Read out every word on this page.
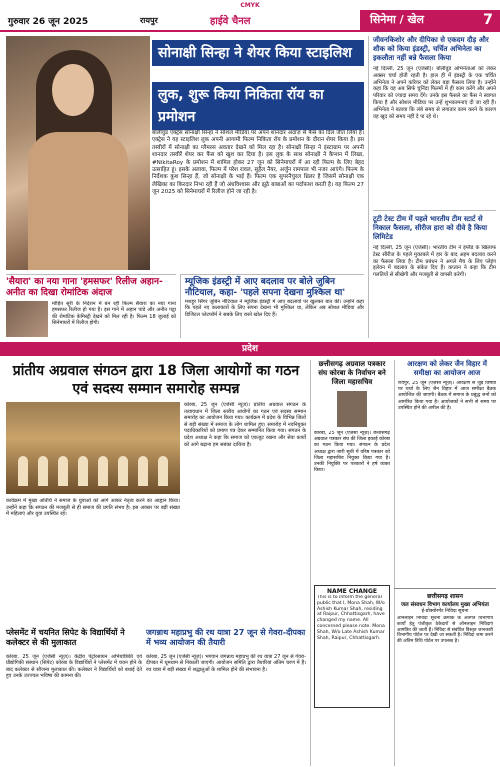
CMYK
गुरुवार 26 जून 2025	रायपुर	हाईवे चैनल	सिनेमा / खेल	7
सोनाक्षी सिन्हा ने शेयर किया स्टाइलिश
लुक, शुरू किया निकिता रॉय का प्रमोशन
बॉलीवुड एक्ट्रेस सोनाक्षी सिन्हा ने सोशल मीडिया पर अपने शानदार अंदाज़ से फैंस का दिल जीत लिया है। एक्ट्रेस ने यह स्टाइलिश लुक अपनी आगामी फिल्म निकिता रॉय के प्रमोशन के दौरान शेयर किया है। इस तस्वीरों में सोनाक्षी का ग्लैमरस अवतार देखने को मिल रहा है। सोनाक्षी सिन्हा ने इंस्टाग्राम पर अपनी शानदार तस्वीरें शेयर कर फैंस को खुश कर दिया है। इस लुक के साथ सोनाक्षी ने कैप्शन में लिखा, #NikitaRoy के प्रमोशन में शामिल होकर 27 जून को सिनेमाघरों में आ रही फिल्म के लिए बेहद उत्साहित हूं। इसके अलावा, फिल्म में परेश रावल, सुहैल नैयर, अर्जुन रामपाल भी नजर आएंगे। फिल्म के निर्देशक कुश सिन्हा हैं, जो सोनाक्षी के भाई हैं। फिल्म एक सुपरनैचुरल थ्रिलर है जिसमें सोनाक्षी एक लेखिका का किरदार निभा रही हैं जो अंधविश्वास और झूठे बाबाओं का पर्दाफाश करती है। यह फिल्म 27 जून 2025 को सिनेमाघरों में रिलीज होने जा रही है।
जीवनकिशोर और दीपिका से एकदम दौड़ और शौक को किया इंडस्ट्री, चर्चित अभिनेता का इकलौता नहीं बन्ने फैसला किया
नई दिल्ली, 25 जून (एजेंसी)। बॉलीवुड अभिनेताओं को लेकर अक्सर चर्चा होती रहती है। हाल ही में इंडस्ट्री के एक चर्चित अभिनेता ने अपने करियर को लेकर बड़ा फैसला लिया है। उन्होंने कहा कि वह अब सिर्फ चुनिंदा फिल्मों में ही काम करेंगे और अपने परिवार को ज्यादा समय देंगे। उनके इस फैसले का फैंस ने स्वागत किया है और सोशल मीडिया पर उन्हें शुभकामनाएं दी जा रही हैं। अभिनेता ने बताया कि लंबे समय से लगातार काम करने के कारण वह खुद को समय नहीं दे पा रहे थे।
टूटी टेस्ट टीम में पहले भारतीय टीम स्टार्ट से निकाल फैसला, सीरीज हारा को दीवे है किया लिमिटेड
नई दिल्ली, 25 जून (एजेंसी)। भारतीय टीम ने इंग्लैंड के खिलाफ टेस्ट सीरीज के पहले मुकाबले में हार के बाद अहम बदलाव करने का फैसला लिया है। टीम प्रबंधन ने अगले मैच के लिए प्लेइंग इलेवन में बदलाव के संकेत दिए हैं। कप्तान ने कहा कि टीम गलतियों से सीखेगी और मजबूती से वापसी करेगी।
'सैयारा' का नया गाना 'हमसफर' रिलीज अहान-अनीत का दिखा रोमांटिक अंदाज
मोहित सूरी के निर्देशन में बन रही फिल्म सैयारा का नया गाना हमसफर रिलीज हो गया है। इस गाने में अहान पांडे और अनीत पड्डा की रोमांटिक केमिस्ट्री देखने को मिल रही है। फिल्म 18 जुलाई को सिनेमाघरों में रिलीज होगी।
म्यूजिक इंडस्ट्री में आए बदलाव पर बोले जुबिन नौटियाल, कहा- 'पहले सपना देखना मुश्किल था'
मशहूर सिंगर जुबिन नौटियाल ने म्यूजिक इंडस्ट्री में आए बदलावों पर खुलकर बात की। उन्होंने कहा कि पहले नए कलाकारों के लिए सपना देखना भी मुश्किल था, लेकिन अब सोशल मीडिया और डिजिटल प्लेटफॉर्म ने सबके लिए रास्ते खोल दिए हैं।
प्रदेश
प्रांतीय अग्रवाल संगठन द्वारा 18 जिला आयोगों का गठन एवं सदस्य सम्मान समारोह सम्पन्न
कोरबा, 25 जून (एजेंसी न्यूज़)। प्रांतीय अग्रवाल संगठन के तत्वावधान में जिला स्तरीय आयोगों का गठन एवं सदस्य सम्मान समारोह का आयोजन किया गया। कार्यक्रम में प्रदेश के विभिन्न जिलों से बड़ी संख्या में समाज के लोग शामिल हुए। समारोह में नवनियुक्त पदाधिकारियों को प्रमाण पत्र देकर सम्मानित किया गया। संगठन के प्रदेश अध्यक्ष ने कहा कि समाज को एकजुट रखना और सेवा कार्यों को आगे बढ़ाना हम सबका दायित्व है।
कार्यक्रम में मुख्य अतिथि ने समाज के युवाओं को आगे आकर नेतृत्व करने का आह्वान किया। उन्होंने कहा कि संगठन की मजबूती से ही समाज की प्रगति संभव है। इस अवसर पर बड़ी संख्या में महिलाएं और युवा उपस्थित रहे।
छत्तीसगढ़ अग्रवाल पत्रकार संघ कोरबा के निर्वाचन बने जिला महासचिव
कोरबा, 25 जून (एजेंसी न्यूज़)। छत्तीसगढ़ अग्रवाल पत्रकार संघ की जिला इकाई कोरबा का गठन किया गया। संगठन के प्रदेश अध्यक्ष द्वारा जारी सूची में वरिष्ठ पत्रकार को जिला महासचिव नियुक्त किया गया है। उनकी नियुक्ति पर पत्रकारों ने हर्ष व्यक्त किया।
NAME CHANGE
This is to inform the general public that I, Mona Shah, W/o Ashish Kumar Shah, residing at Raipur, Chhattisgarh, have changed my name. All concerned please note. Mona Shah, W/o Late Ashish Kumar Shah, Raipur, Chhattisgarh.
आरक्षण को लेकर जैन विहार में समीक्षा का आयोजन आज
रायपुर, 25 जून (एजेंसी न्यूज़)। आरक्षण से जुड़े विषयों पर चर्चा के लिए जैन विहार में आज समीक्षा बैठक आयोजित की जाएगी। बैठक में समाज के प्रबुद्ध जनों को आमंत्रित किया गया है। आयोजकों ने सभी से समय पर उपस्थित होने की अपील की है।
छत्तीसगढ़ शासन
जल संसाधन विभाग कार्यालय मुख्य अभियंता
ई-प्रोक्योरमेंट निविदा सूचना
ऑनलाइन निविदा सूचना क्रमांक के अंतर्गत विभागीय कार्यों हेतु पंजीकृत ठेकेदारों से ऑनलाइन निविदाएं आमंत्रित की जाती हैं। निविदा से संबंधित विस्तृत जानकारी विभागीय पोर्टल पर देखी जा सकती है। निविदा जमा करने की अंतिम तिथि पोर्टल पर उपलब्ध है।
प्लेसमेंट में चयनित सिपेट के विद्यार्थियों ने कलेक्टर से की मुलाकात
कोरबा, 25 जून (एजेंसी न्यूज़)। केंद्रीय पेट्रोरसायन अभियांत्रिकी एवं प्रौद्योगिकी संस्थान (सिपेट) कोरबा के विद्यार्थियों ने प्लेसमेंट में चयन होने के बाद कलेक्टर से सौजन्य मुलाकात की। कलेक्टर ने विद्यार्थियों को बधाई देते हुए उनके उज्ज्वल भविष्य की कामना की।
जगन्नाथ महाप्रभु की रथ यात्रा 27 जून से गेवरा-दीपका में भव्य आयोजन की तैयारी
कोरबा, 25 जून (एजेंसी न्यूज़)। भगवान जगन्नाथ महाप्रभु की रथ यात्रा 27 जून से गेवरा-दीपका में धूमधाम से निकाली जाएगी। आयोजन समिति द्वारा तैयारियां अंतिम चरण में हैं। रथ यात्रा में बड़ी संख्या में श्रद्धालुओं के शामिल होने की संभावना है।
